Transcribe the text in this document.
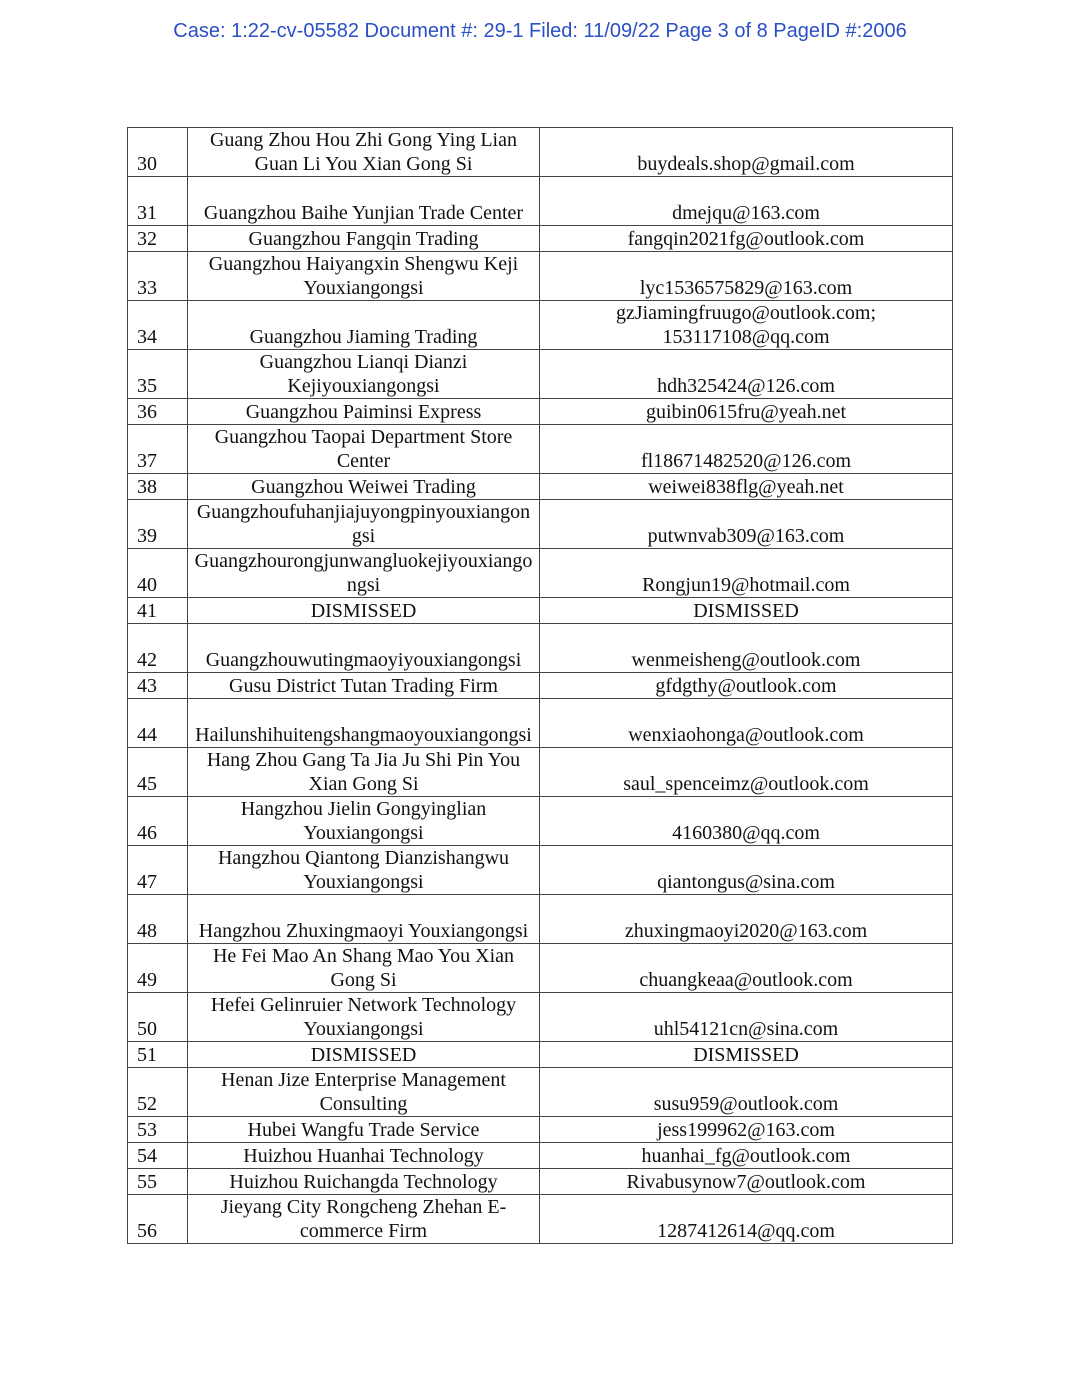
Case: 1:22-cv-05582 Document #: 29-1 Filed: 11/09/22 Page 3 of 8 PageID #:2006
30	Guang Zhou Hou Zhi Gong Ying Lian Guan Li You Xian Gong Si	buydeals.shop@gmail.com
31	Guangzhou Baihe Yunjian Trade Center	dmejqu@163.com
32	Guangzhou Fangqin Trading	fangqin2021fg@outlook.com
33	Guangzhou Haiyangxin Shengwu Keji Youxiangongsi	lyc1536575829@163.com
34	Guangzhou Jiaming Trading	gzJiamingfruugo@outlook.com; 153117108@qq.com
35	Guangzhou Lianqi Dianzi Kejiyouxiangongsi	hdh325424@126.com
36	Guangzhou Paiminsi Express	guibin0615fru@yeah.net
37	Guangzhou Taopai Department Store Center	fl18671482520@126.com
38	Guangzhou Weiwei Trading	weiwei838flg@yeah.net
39	Guangzhoufuhanjiajuyongpinyouxiangongsi	putwnvab309@163.com
40	Guangzhourongjunwangluokejiyouxiangongsi	Rongjun19@hotmail.com
41	DISMISSED	DISMISSED
42	Guangzhouwutingmaoyiyouxiangongsi	wenmeisheng@outlook.com
43	Gusu District Tutan Trading Firm	gfdgthy@outlook.com
44	Hailunshihuitengshangmaoyouxiangongsi	wenxiaohonga@outlook.com
45	Hang Zhou Gang Ta Jia Ju Shi Pin You Xian Gong Si	saul_spenceimz@outlook.com
46	Hangzhou Jielin Gongyinglian Youxiangongsi	4160380@qq.com
47	Hangzhou Qiantong Dianzishangwu Youxiangongsi	qiantongus@sina.com
48	Hangzhou Zhuxingmaoyi Youxiangongsi	zhuxingmaoyi2020@163.com
49	He Fei Mao An Shang Mao You Xian Gong Si	chuangkeaa@outlook.com
50	Hefei Gelinruier Network Technology Youxiangongsi	uhl54121cn@sina.com
51	DISMISSED	DISMISSED
52	Henan Jize Enterprise Management Consulting	susu959@outlook.com
53	Hubei Wangfu Trade Service	jess199962@163.com
54	Huizhou Huanhai Technology	huanhai_fg@outlook.com
55	Huizhou Ruichangda Technology	Rivabusynow7@outlook.com
56	Jieyang City Rongcheng Zhehan E-commerce Firm	1287412614@qq.com
